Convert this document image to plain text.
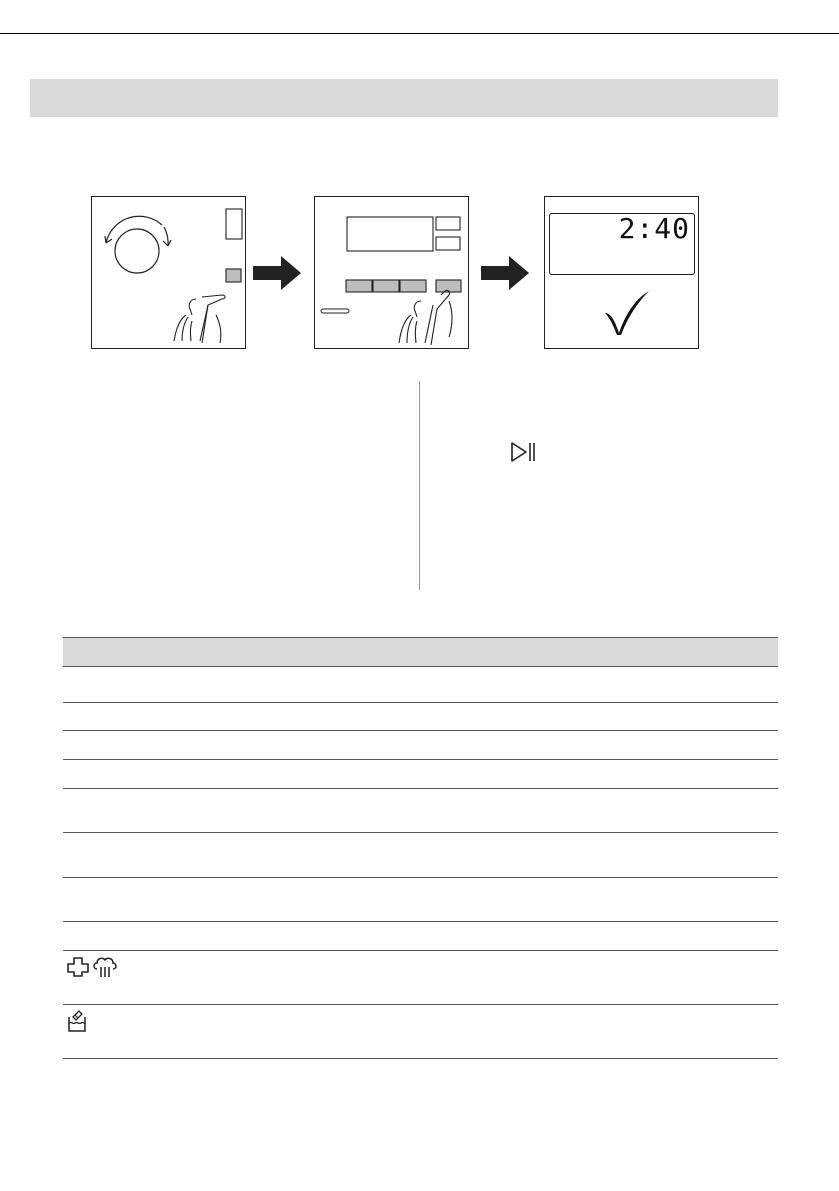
2:40
